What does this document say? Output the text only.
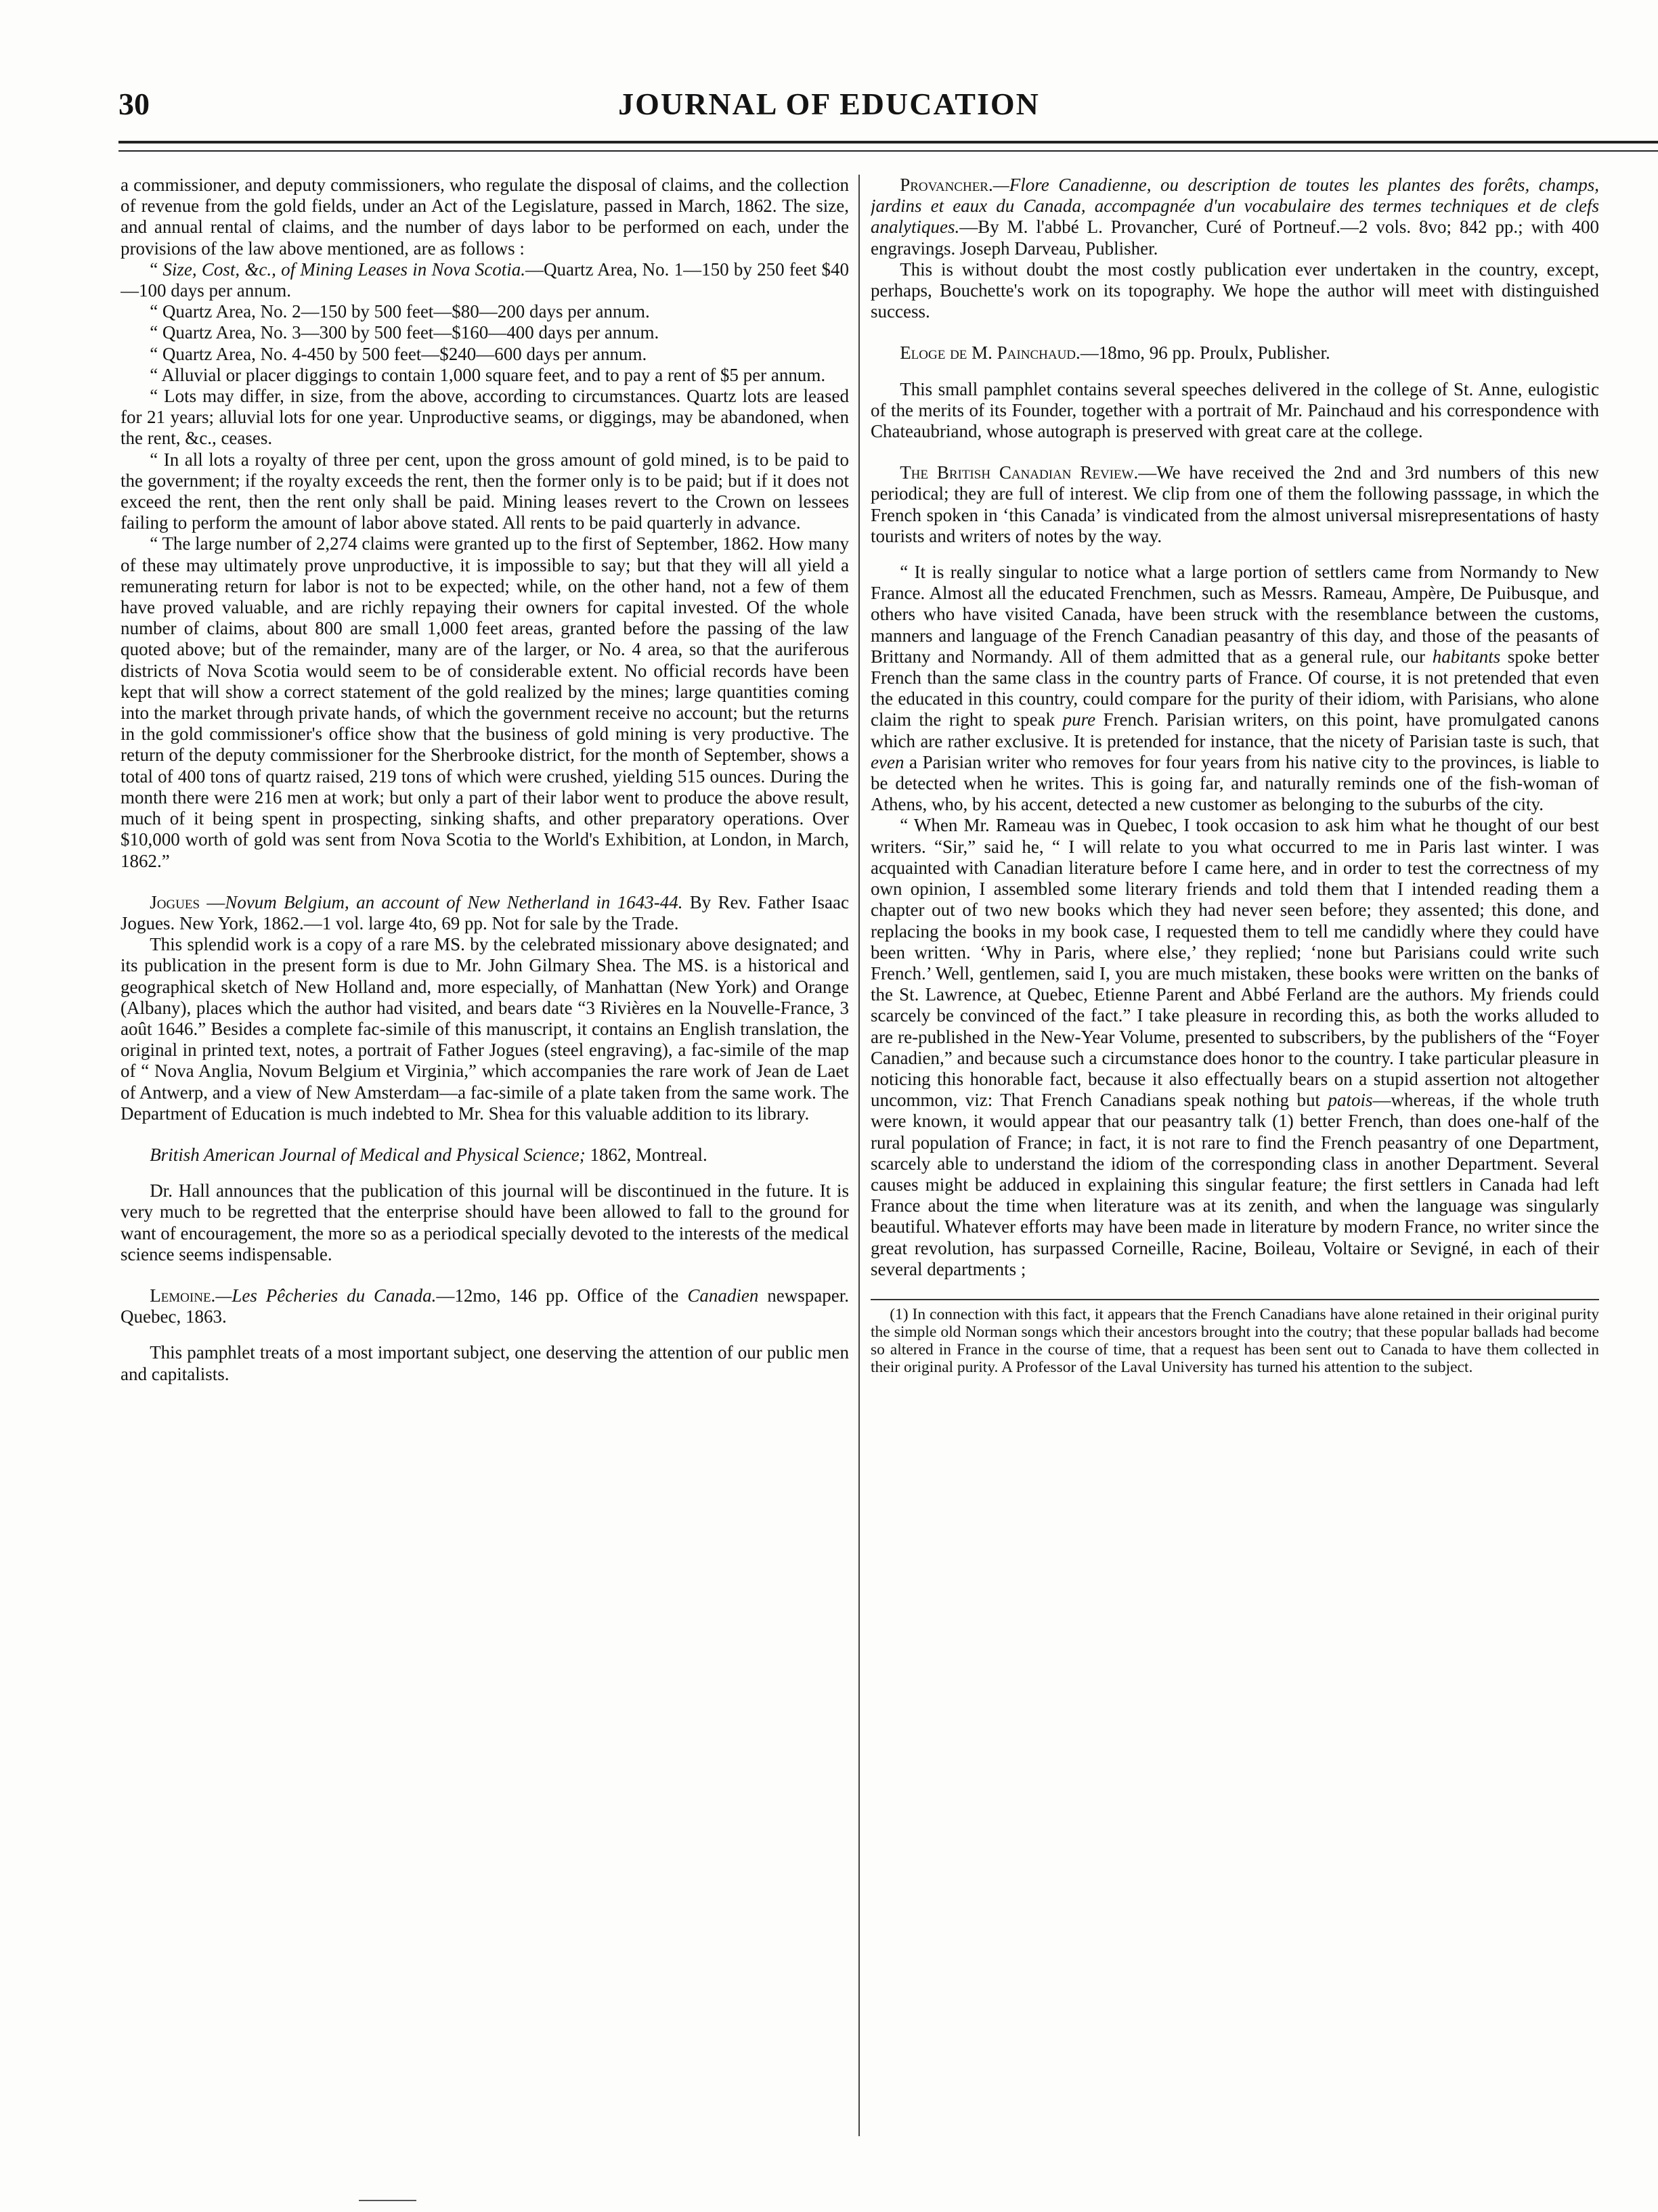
30	JOURNAL OF EDUCATION

a commissioner, and deputy commissioners, who regulate the disposal of claims, and the collection of revenue from the gold fields, under an Act of the Legislature, passed in March, 1862. The size, and annual rental of claims, and the number of days labor to be performed on each, under the provisions of the law above mentioned, are as follows :

“ Size, Cost, &c., of Mining Leases in Nova Scotia.—Quartz Area, No. 1—150 by 250 feet $40—100 days per annum.

“ Quartz Area, No. 2—150 by 500 feet—$80—200 days per annum.

“ Quartz Area, No. 3—300 by 500 feet—$160—400 days per annum.

“ Quartz Area, No. 4-450 by 500 feet—$240—600 days per annum.

“ Alluvial or placer diggings to contain 1,000 square feet, and to pay a rent of $5 per annum.

“ Lots may differ, in size, from the above, according to circumstances. Quartz lots are leased for 21 years; alluvial lots for one year. Unproductive seams, or diggings, may be abandoned, when the rent, &c., ceases.

“ In all lots a royalty of three per cent, upon the gross amount of gold mined, is to be paid to the government; if the royalty exceeds the rent, then the former only is to be paid; but if it does not exceed the rent, then the rent only shall be paid. Mining leases revert to the Crown on lessees failing to perform the amount of labor above stated. All rents to be paid quarterly in advance.

“ The large number of 2,274 claims were granted up to the first of September, 1862. How many of these may ultimately prove unproductive, it is impossible to say; but that they will all yield a remunerating return for labor is not to be expected; while, on the other hand, not a few of them have proved valuable, and are richly repaying their owners for capital invested. Of the whole number of claims, about 800 are small 1,000 feet areas, granted before the passing of the law quoted above; but of the remainder, many are of the larger, or No. 4 area, so that the auriferous districts of Nova Scotia would seem to be of considerable extent. No official records have been kept that will show a correct statement of the gold realized by the mines; large quantities coming into the market through private hands, of which the government receive no account; but the returns in the gold commissioner's office show that the business of gold mining is very productive. The return of the deputy commissioner for the Sherbrooke district, for the month of September, shows a total of 400 tons of quartz raised, 219 tons of which were crushed, yielding 515 ounces. During the month there were 216 men at work; but only a part of their labor went to produce the above result, much of it being spent in prospecting, sinking shafts, and other preparatory operations. Over $10,000 worth of gold was sent from Nova Scotia to the World's Exhibition, at London, in March, 1862.”

Jogues —Novum Belgium, an account of New Netherland in 1643-44. By Rev. Father Isaac Jogues. New York, 1862.—1 vol. large 4to, 69 pp. Not for sale by the Trade.

This splendid work is a copy of a rare MS. by the celebrated missionary above designated; and its publication in the present form is due to Mr. John Gilmary Shea. The MS. is a historical and geographical sketch of New Holland and, more especially, of Manhattan (New York) and Orange (Albany), places which the author had visited, and bears date “3 Rivières en la Nouvelle-France, 3 août 1646.” Besides a complete fac-simile of this manuscript, it contains an English translation, the original in printed text, notes, a portrait of Father Jogues (steel engraving), a fac-simile of the map of “ Nova Anglia, Novum Belgium et Virginia,” which accompanies the rare work of Jean de Laet of Antwerp, and a view of New Amsterdam—a fac-simile of a plate taken from the same work. The Department of Education is much indebted to Mr. Shea for this valuable addition to its library.

British American Journal of Medical and Physical Science; 1862, Montreal.

Dr. Hall announces that the publication of this journal will be discontinued in the future. It is very much to be regretted that the enterprise should have been allowed to fall to the ground for want of encouragement, the more so as a periodical specially devoted to the interests of the medical science seems indispensable.

Lemoine.—Les Pêcheries du Canada.—12mo, 146 pp. Office of the Canadien newspaper. Quebec, 1863.

This pamphlet treats of a most important subject, one deserving the attention of our public men and capitalists.

Provancher.—Flore Canadienne, ou description de toutes les plantes des forêts, champs, jardins et eaux du Canada, accompagnée d'un vocabulaire des termes techniques et de clefs analytiques.—By M. l'abbé L. Provancher, Curé of Portneuf.—2 vols. 8vo; 842 pp.; with 400 engravings. Joseph Darveau, Publisher.

This is without doubt the most costly publication ever undertaken in the country, except, perhaps, Bouchette's work on its topography. We hope the author will meet with distinguished success.

Eloge de M. Painchaud.—18mo, 96 pp. Proulx, Publisher.

This small pamphlet contains several speeches delivered in the college of St. Anne, eulogistic of the merits of its Founder, together with a portrait of Mr. Painchaud and his correspondence with Chateaubriand, whose autograph is preserved with great care at the college.

The British Canadian Review.—We have received the 2nd and 3rd numbers of this new periodical; they are full of interest. We clip from one of them the following passsage, in which the French spoken in ‘this Canada’ is vindicated from the almost universal misrepresentations of hasty tourists and writers of notes by the way.

“ It is really singular to notice what a large portion of settlers came from Normandy to New France. Almost all the educated Frenchmen, such as Messrs. Rameau, Ampère, De Puibusque, and others who have visited Canada, have been struck with the resemblance between the customs, manners and language of the French Canadian peasantry of this day, and those of the peasants of Brittany and Normandy. All of them admitted that as a general rule, our habitants spoke better French than the same class in the country parts of France. Of course, it is not pretended that even the educated in this country, could compare for the purity of their idiom, with Parisians, who alone claim the right to speak pure French. Parisian writers, on this point, have promulgated canons which are rather exclusive. It is pretended for instance, that the nicety of Parisian taste is such, that even a Parisian writer who removes for four years from his native city to the provinces, is liable to be detected when he writes. This is going far, and naturally reminds one of the fish-woman of Athens, who, by his accent, detected a new customer as belonging to the suburbs of the city.

“ When Mr. Rameau was in Quebec, I took occasion to ask him what he thought of our best writers. “Sir,” said he, “ I will relate to you what occurred to me in Paris last winter. I was acquainted with Canadian literature before I came here, and in order to test the correctness of my own opinion, I assembled some literary friends and told them that I intended reading them a chapter out of two new books which they had never seen before; they assented; this done, and replacing the books in my book case, I requested them to tell me candidly where they could have been written. ‘Why in Paris, where else,’ they replied; ‘none but Parisians could write such French.’ Well, gentlemen, said I, you are much mistaken, these books were written on the banks of the St. Lawrence, at Quebec, Etienne Parent and Abbé Ferland are the authors. My friends could scarcely be convinced of the fact.” I take pleasure in recording this, as both the works alluded to are re-published in the New-Year Volume, presented to subscribers, by the publishers of the “Foyer Canadien,” and because such a circumstance does honor to the country. I take particular pleasure in noticing this honorable fact, because it also effectually bears on a stupid assertion not altogether uncommon, viz: That French Canadians speak nothing but patois—whereas, if the whole truth were known, it would appear that our peasantry talk (1) better French, than does one-half of the rural population of France; in fact, it is not rare to find the French peasantry of one Department, scarcely able to understand the idiom of the corresponding class in another Department. Several causes might be adduced in explaining this singular feature; the first settlers in Canada had left France about the time when literature was at its zenith, and when the language was singularly beautiful. Whatever efforts may have been made in literature by modern France, no writer since the great revolution, has surpassed Corneille, Racine, Boileau, Voltaire or Sevigné, in each of their several departments ;

(1) In connection with this fact, it appears that the French Canadians have alone retained in their original purity the simple old Norman songs which their ancestors brought into the coutry; that these popular ballads had become so altered in France in the course of time, that a request has been sent out to Canada to have them collected in their original purity. A Professor of the Laval University has turned his attention to the subject.
